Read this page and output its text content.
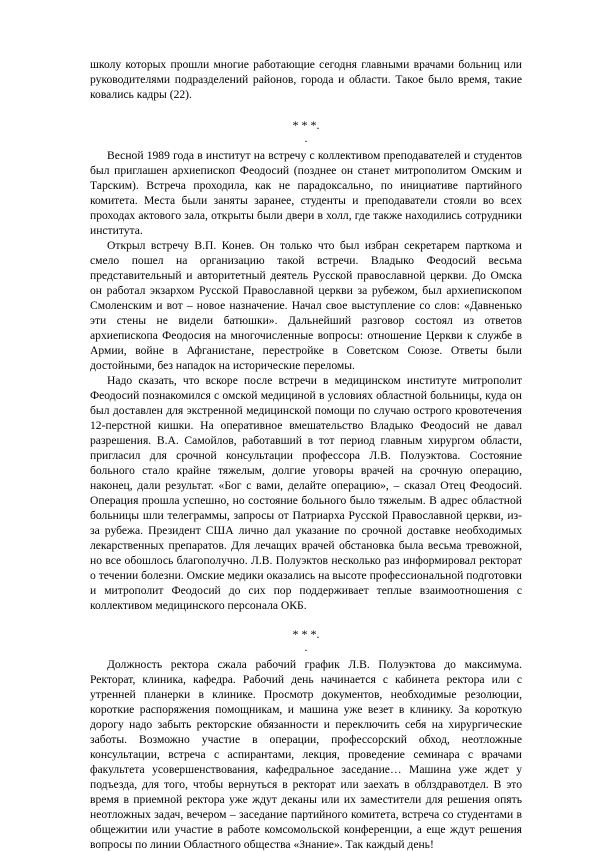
школу которых прошли многие работающие сегодня главными врачами больниц или руководителями подразделений районов, города и области. Такое было время, такие ковались кадры (22).

* * *.
.

Весной 1989 года в институт на встречу с коллективом преподавателей и студентов был приглашен архиепископ Феодосий (позднее он станет митрополитом Омским и Тарским). Встреча проходила, как не парадоксально, по инициативе партийного комитета. Места были заняты заранее, студенты и преподаватели стояли во всех проходах актового зала, открыты были двери в холл, где также находились сотрудники института.

Открыл встречу В.П. Конев. Он только что был избран секретарем парткома и смело пошел на организацию такой встречи. Владыко Феодосий весьма представительный и авторитетный деятель Русской православной церкви. До Омска он работал экзархом Русской Православной церкви за рубежом, был архиепископом Смоленским и вот – новое назначение. Начал свое выступление со слов: «Давненько эти стены не видели батюшки». Дальнейший разговор состоял из ответов архиепископа Феодосия на многочисленные вопросы: отношение Церкви к службе в Армии, войне в Афганистане, перестройке в Советском Союзе. Ответы были достойными, без нападок на исторические переломы.

Надо сказать, что вскоре после встречи в медицинском институте митрополит Феодосий познакомился с омской медициной в условиях областной больницы, куда он был доставлен для экстренной медицинской помощи по случаю острого кровотечения 12-перстной кишки. На оперативное вмешательство Владыко Феодосий не давал разрешения. В.А. Самойлов, работавший в тот период главным хирургом области, пригласил для срочной консультации профессора Л.В. Полуэктова. Состояние больного стало крайне тяжелым, долгие уговоры врачей на срочную операцию, наконец, дали результат. «Бог с вами, делайте операцию», – сказал Отец Феодосий. Операция прошла успешно, но состояние больного было тяжелым. В адрес областной больницы шли телеграммы, запросы от Патриарха Русской Православной церкви, из-за рубежа. Президент США лично дал указание по срочной доставке необходимых лекарственных препаратов. Для лечащих врачей обстановка была весьма тревожной, но все обошлось благополучно. Л.В. Полуэктов несколько раз информировал ректорат о течении болезни. Омские медики оказались на высоте профессиональной подготовки и митрополит Феодосий до сих пор поддерживает теплые взаимоотношения с коллективом медицинского персонала ОКБ.

* * *.
.

Должность ректора сжала рабочий график Л.В. Полуэктова до максимума. Ректорат, клиника, кафедра. Рабочий день начинается с кабинета ректора или с утренней планерки в клинике. Просмотр документов, необходимые резолюции, короткие распоряжения помощникам, и машина уже везет в клинику. За короткую дорогу надо забыть ректорские обязанности и переключить себя на хирургические заботы. Возможно участие в операции, профессорский обход, неотложные консультации, встреча с аспирантами, лекция, проведение семинара с врачами факультета усовершенствования, кафедральное заседание… Машина уже ждет у подъезда, для того, чтобы вернуться в ректорат или заехать в облздравотдел. В это время в приемной ректора уже ждут деканы или их заместители для решения опять неотложных задач, вечером – заседание партийного комитета, встреча со студентами в общежитии или участие в работе комсомольской конференции, а еще ждут решения вопросы по линии Областного общества «Знание». Так каждый день!
